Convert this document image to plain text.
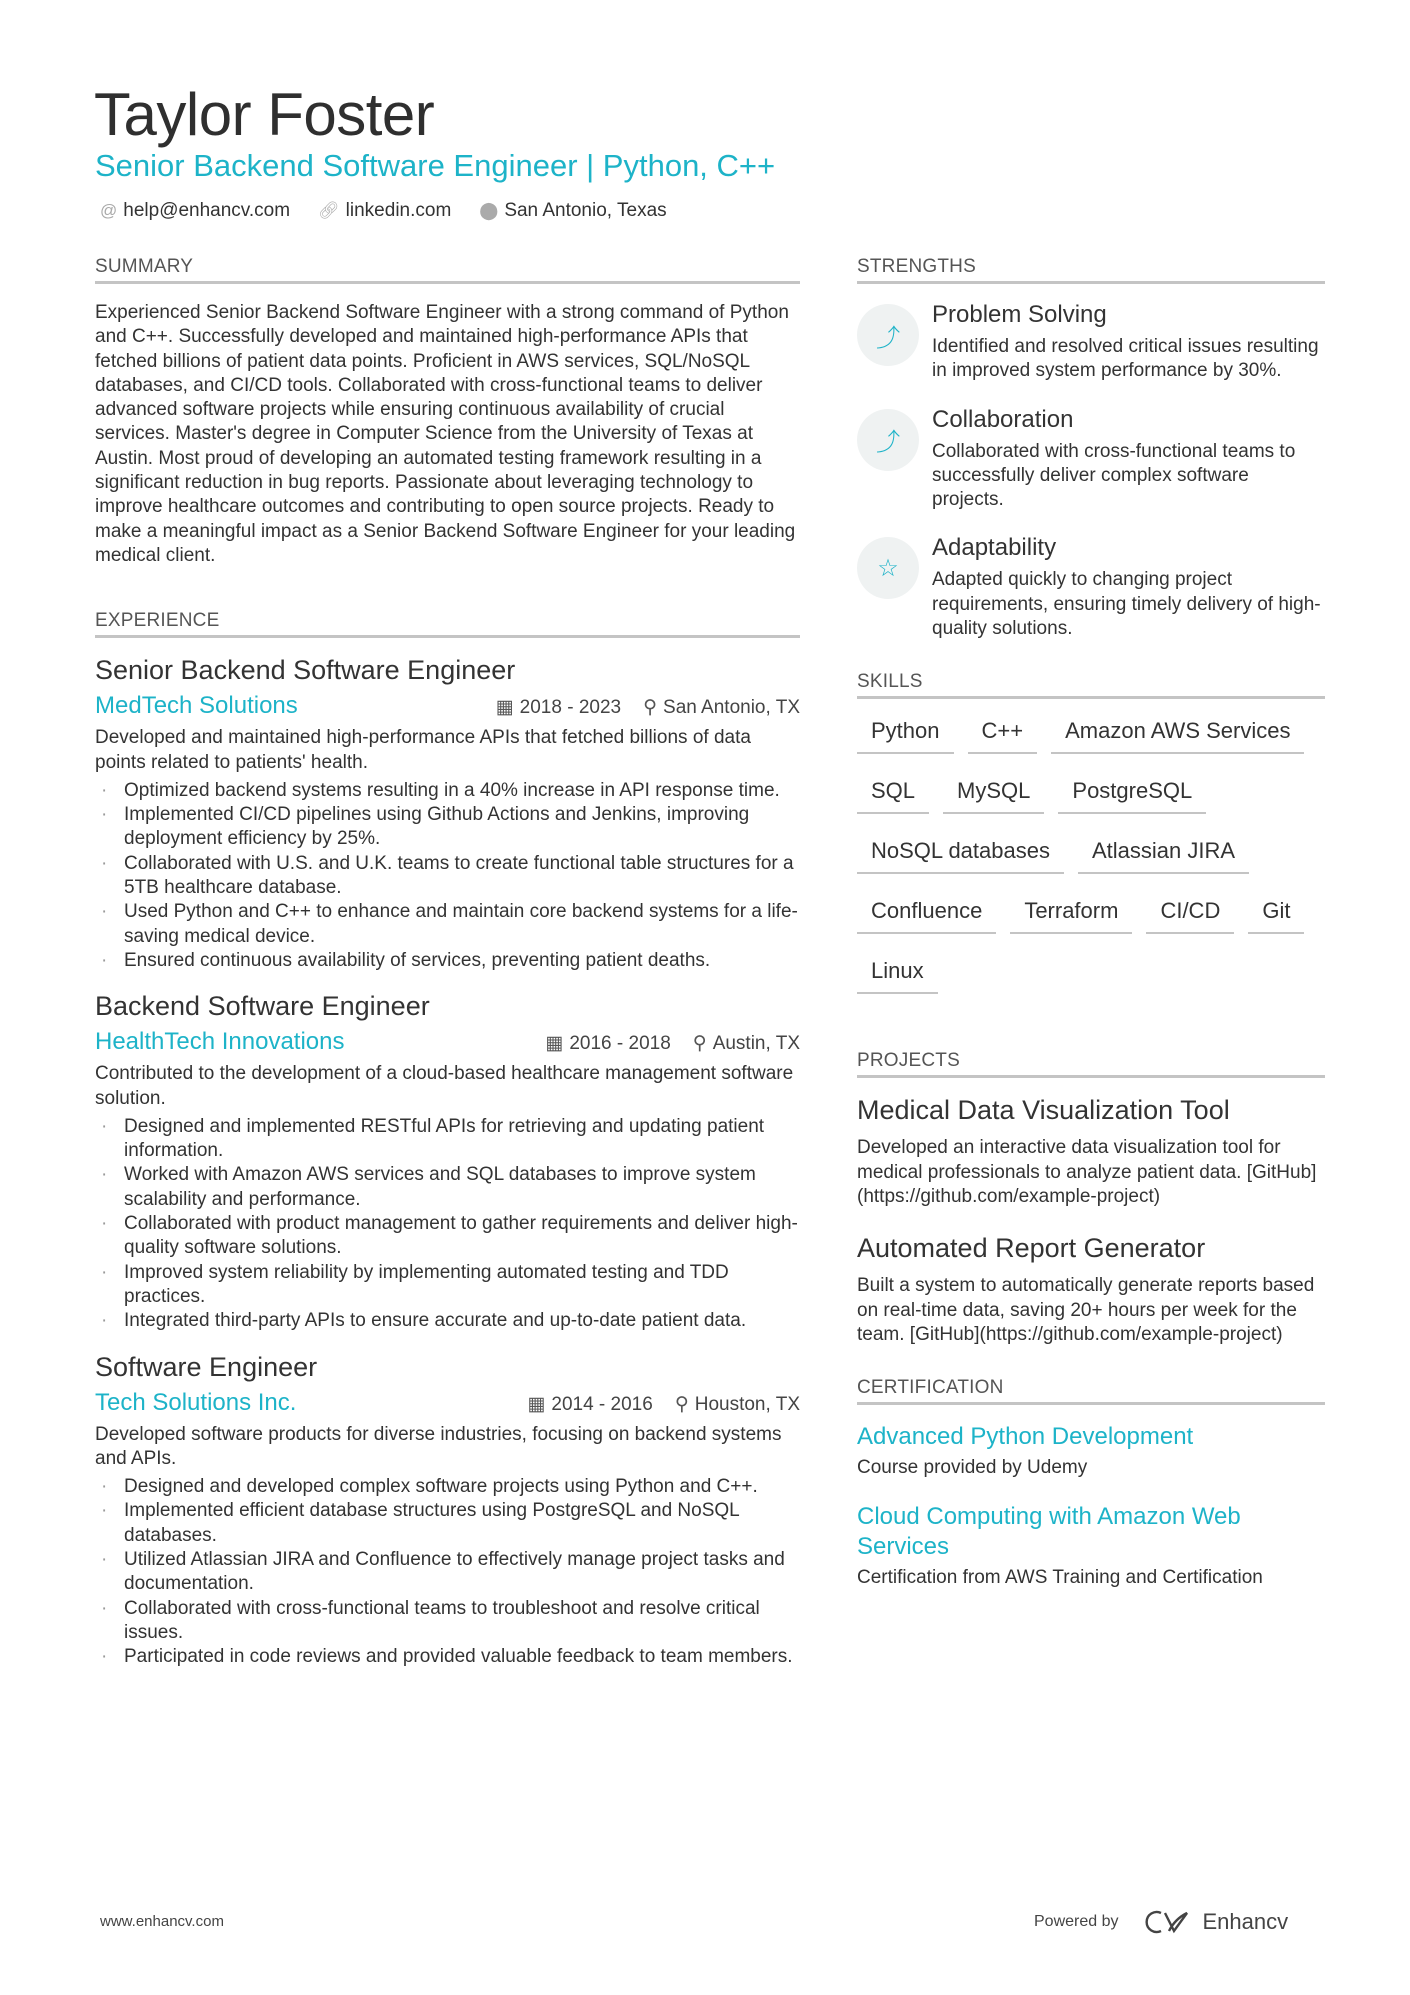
Taylor Foster
Senior Backend Software Engineer | Python, C++
@ help@enhancv.com 🔗︎ linkedin.com ⬤ San Antonio, Texas
SUMMARY
Experienced Senior Backend Software Engineer with a strong command of Python and C++. Successfully developed and maintained high-performance APIs that fetched billions of patient data points. Proficient in AWS services, SQL/NoSQL databases, and CI/CD tools. Collaborated with cross-functional teams to deliver advanced software projects while ensuring continuous availability of crucial services. Master's degree in Computer Science from the University of Texas at Austin. Most proud of developing an automated testing framework resulting in a significant reduction in bug reports. Passionate about leveraging technology to improve healthcare outcomes and contributing to open source projects. Ready to make a meaningful impact as a Senior Backend Software Engineer for your leading medical client.
EXPERIENCE
Senior Backend Software Engineer
MedTech Solutions	▦ 2018 - 2023 ⚲ San Antonio, TX
Developed and maintained high-performance APIs that fetched billions of data points related to patients' health.
· Optimized backend systems resulting in a 40% increase in API response time.
· Implemented CI/CD pipelines using Github Actions and Jenkins, improving deployment efficiency by 25%.
· Collaborated with U.S. and U.K. teams to create functional table structures for a 5TB healthcare database.
· Used Python and C++ to enhance and maintain core backend systems for a life-saving medical device.
· Ensured continuous availability of services, preventing patient deaths.
Backend Software Engineer
HealthTech Innovations	▦ 2016 - 2018 ⚲ Austin, TX
Contributed to the development of a cloud-based healthcare management software solution.
· Designed and implemented RESTful APIs for retrieving and updating patient information.
· Worked with Amazon AWS services and SQL databases to improve system scalability and performance.
· Collaborated with product management to gather requirements and deliver high-quality software solutions.
· Improved system reliability by implementing automated testing and TDD practices.
· Integrated third-party APIs to ensure accurate and up-to-date patient data.
Software Engineer
Tech Solutions Inc.	▦ 2014 - 2016 ⚲ Houston, TX
Developed software products for diverse industries, focusing on backend systems and APIs.
· Designed and developed complex software projects using Python and C++.
· Implemented efficient database structures using PostgreSQL and NoSQL databases.
· Utilized Atlassian JIRA and Confluence to effectively manage project tasks and documentation.
· Collaborated with cross-functional teams to troubleshoot and resolve critical issues.
· Participated in code reviews and provided valuable feedback to team members.
STRENGTHS
⤴
Problem Solving
Identified and resolved critical issues resulting in improved system performance by 30%.
⤴
Collaboration
Collaborated with cross-functional teams to successfully deliver complex software projects.
☆
Adaptability
Adapted quickly to changing project requirements, ensuring timely delivery of high-quality solutions.
SKILLS
Python	C++	Amazon AWS Services
SQL	MySQL	PostgreSQL
NoSQL databases	Atlassian JIRA
Confluence	Terraform	CI/CD	Git
Linux
PROJECTS
Medical Data Visualization Tool
Developed an interactive data visualization tool for medical professionals to analyze patient data. [GitHub](https://github.com/example-project)
Automated Report Generator
Built a system to automatically generate reports based on real-time data, saving 20+ hours per week for the team. [GitHub](https://github.com/example-project)
CERTIFICATION
Advanced Python Development
Course provided by Udemy
Cloud Computing with Amazon Web Services
Certification from AWS Training and Certification
www.enhancv.com	Powered by	Enhancv
